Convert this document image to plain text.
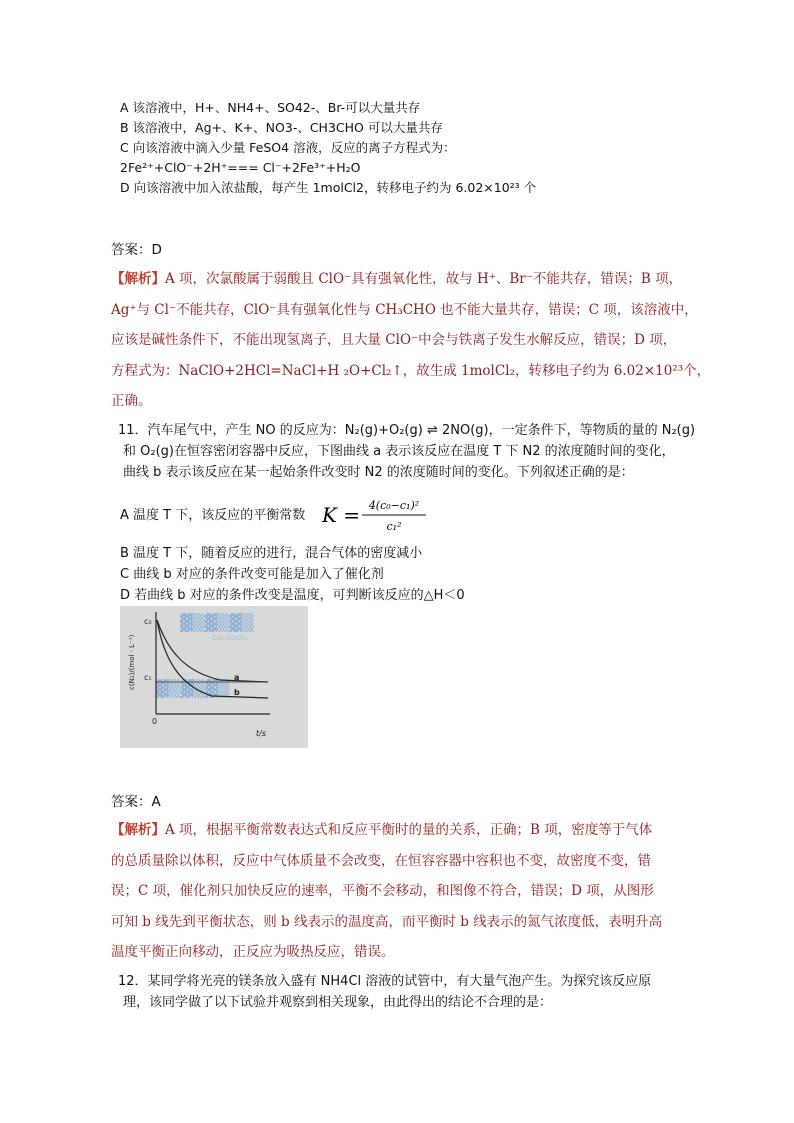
A 该溶液中，H+、NH4+、SO42-、Br-可以大量共存
B 该溶液中，Ag+、K+、NO3-、CH3CHO 可以大量共存
C 向该溶液中滴入少量 FeSO4 溶液，反应的离子方程式为：
2Fe²⁺+ClO⁻+2H⁺=== Cl⁻+2Fe³⁺+H₂O
D 向该溶液中加入浓盐酸，每产生 1molCl2，转移电子约为 6.02×10²³ 个
答案：D
【解析】A 项，次氯酸属于弱酸且 ClO⁻具有强氧化性，故与 H⁺、Br⁻不能共存，错误；B 项，
Ag⁺与 Cl⁻不能共存，ClO⁻具有强氧化性与 CH₃CHO 也不能大量共存，错误；C 项，该溶液中，
应该是碱性条件下，不能出现氢离子，且大量 ClO⁻中会与铁离子发生水解反应，错误；D 项，
方程式为：NaClO+2HCl=NaCl+H ₂O+Cl₂↑，故生成 1molCl₂，转移电子约为 6.02×10²³个，
正确。
11．汽车尾气中，产生 NO 的反应为：N₂(g)+O₂(g) ⇌ 2NO(g)，一定条件下，等物质的量的 N₂(g)
和 O₂(g)在恒容密闭容器中反应，下图曲线 a 表示该反应在温度 T 下 N2 的浓度随时间的变化，
曲线 b 表示该反应在某一起始条件改变时 N2 的浓度随时间的变化。下列叙述正确的是：
A 温度 T 下，该反应的平衡常数 K = 4(c₀−c₁)²
c₁²
B 温度 T 下，随着反应的进行，混合气体的密度减小
C 曲线 b 对应的条件改变可能是加入了催化剂
D 若曲线 b 对应的条件改变是温度，可判断该反应的△H＜0
▓▒▓▒▓▒
CAI.NUOU
▓▒▓▒▓▒
c₀
c₁	a
b
c(N₂)/(mol · L⁻¹)
0
t/s
答案：A
【解析】A 项，根据平衡常数表达式和反应平衡时的量的关系，正确；B 项，密度等于气体
的总质量除以体积，反应中气体质量不会改变，在恒容容器中容积也不变，故密度不变，错
误；C 项，催化剂只加快反应的速率，平衡不会移动，和图像不符合，错误；D 项，从图形
可知 b 线先到平衡状态，则 b 线表示的温度高，而平衡时 b 线表示的氮气浓度低，表明升高
温度平衡正向移动，正反应为吸热反应，错误。
12．某同学将光亮的镁条放入盛有 NH4Cl 溶液的试管中，有大量气泡产生。为探究该反应原
理，该同学做了以下试验并观察到相关现象，由此得出的结论不合理的是：
